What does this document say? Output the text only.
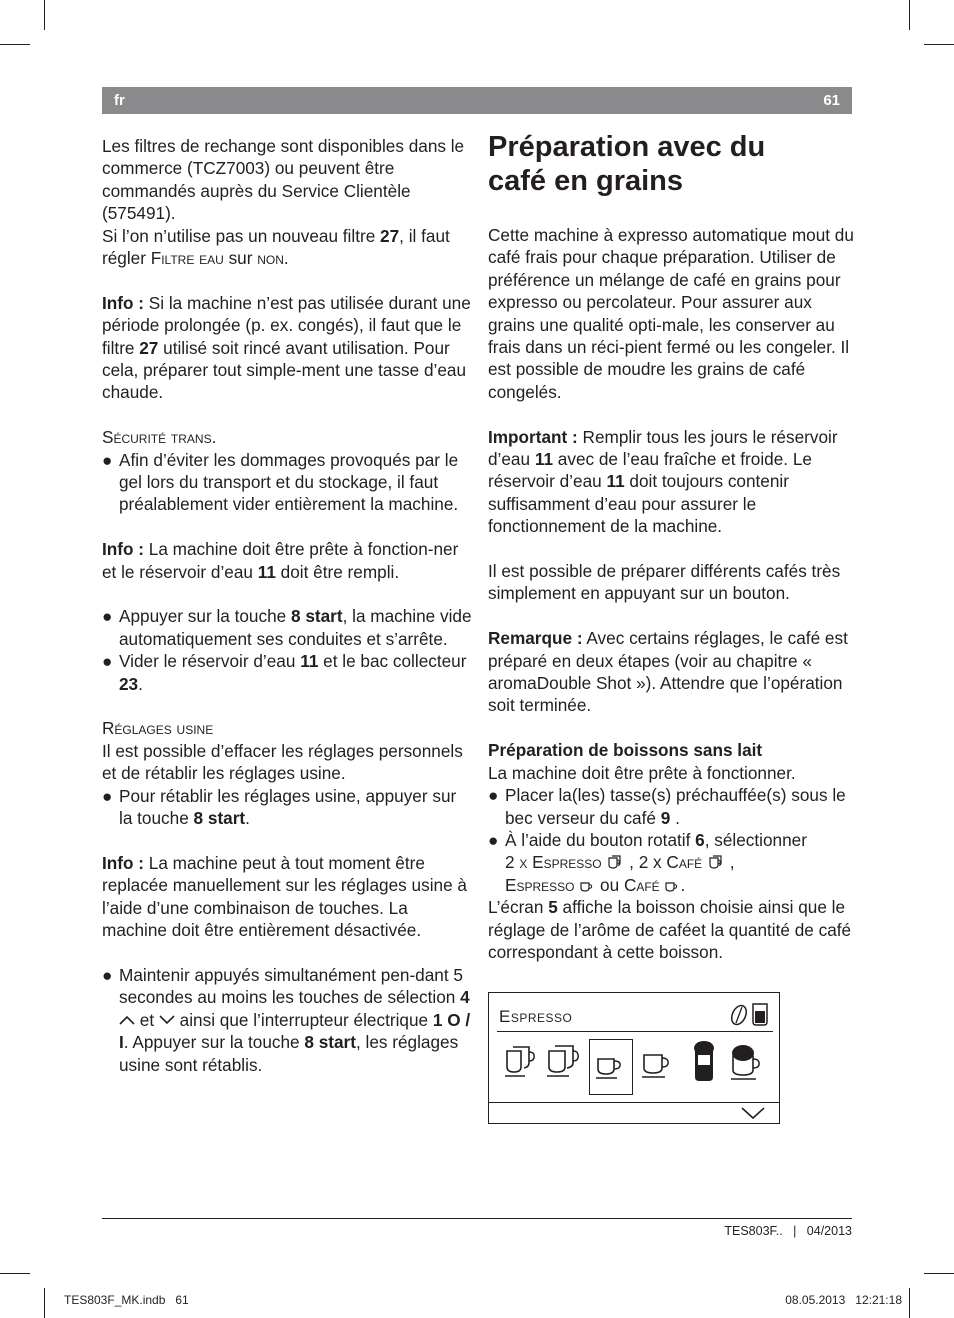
fr	61

Les filtres de rechange sont disponibles dans le commerce (TCZ7003) ou peuvent être commandés auprès du Service Clientèle (575491).

Si l’on n’utilise pas un nouveau filtre 27, il faut régler Filtre eau sur non.

Info : Si la machine n’est pas utilisée durant une période prolongée (p. ex. congés), il faut que le filtre 27 utilisé soit rincé avant utilisation. Pour cela, préparer tout simple-ment une tasse d’eau chaude.

Sécurité trans.

● Afin d’éviter les dommages provoqués par le gel lors du transport et du stockage, il faut préalablement vider entièrement la machine.

Info : La machine doit être prête à fonction-ner et le réservoir d’eau 11 doit être rempli.

● Appuyer sur la touche 8 start, la machine vide automatiquement ses conduites et s’arrête.

● Vider le réservoir d’eau 11 et le bac collecteur 23.

Réglages usine

Il est possible d’effacer les réglages personnels et de rétablir les réglages usine.

● Pour rétablir les réglages usine, appuyer sur la touche 8 start.

Info : La machine peut à tout moment être replacée manuellement sur les réglages usine à l’aide d’une combinaison de touches. La machine doit être entièrement désactivée.

● Maintenir appuyés simultanément pen-dant 5 secondes au moins les touches de sélection 4  et  ainsi que l’interrupteur électrique 1 O / I. Appuyer sur la touche 8 start, les réglages usine sont rétablis.

Préparation avec du
café en grains

Cette machine à expresso automatique mout du café frais pour chaque préparation. Utiliser de préférence un mélange de café en grains pour expresso ou percolateur. Pour assurer aux grains une qualité opti-male, les conserver au frais dans un réci-pient fermé ou les congeler. Il est possible de moudre les grains de café congelés.

Important : Remplir tous les jours le réservoir d’eau 11 avec de l’eau fraîche et froide. Le réservoir d’eau 11 doit toujours contenir suffisamment d’eau pour assurer le fonctionnement de la machine.

Il est possible de préparer différents cafés très simplement en appuyant sur un bouton.

Remarque : Avec certains réglages, le café est préparé en deux étapes (voir au chapitre « aromaDouble Shot »). Attendre que l’opération soit terminée.

Préparation de boissons sans lait

La machine doit être prête à fonctionner.

● Placer la(les) tasse(s) préchauffée(s) sous le bec verseur du café 9 .

● À l’aide du bouton rotatif 6, sélectionner
2 x Espresso  , 2 x Café  ,
Espresso  ou Café .

L’écran 5 affiche la boisson choisie ainsi que le réglage de l’arôme de caféet la quantité de café correspondant à cette boisson.

Espresso
TES803F..   |   04/2013
TES803F_MK.indb   61	08.05.2013   12:21:18
